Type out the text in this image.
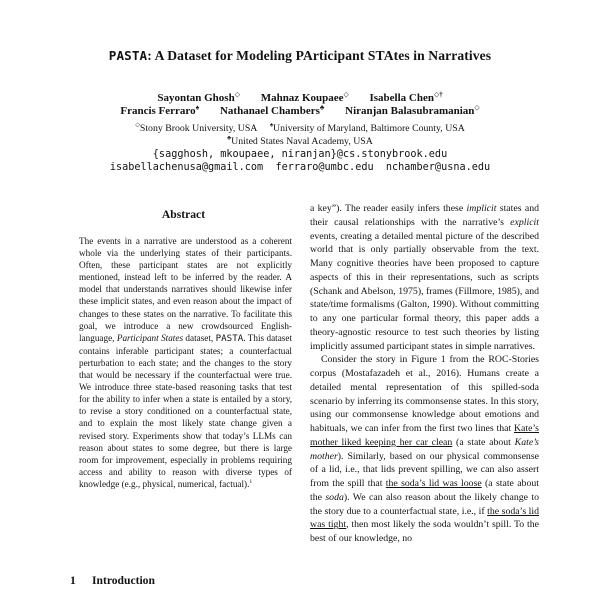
PASTA: A Dataset for Modeling PArticipant STAtes in Narratives
Sayontan Ghosh◇ Mahnaz Koupaee◇ Isabella Chen◇†
Francis Ferraro♠ Nathanael Chambers♣ Niranjan Balasubramanian◇
◇Stony Brook University, USA ♠University of Maryland, Baltimore County, USA
♣United States Naval Academy, USA
{sagghosh, mkoupaee, niranjan}@cs.stonybrook.edu
isabellachenusa@gmail.com  ferraro@umbc.edu  nchamber@usna.edu
Abstract
The events in a narrative are understood as a coherent whole via the underlying states of their participants. Often, these participant states are not explicitly mentioned, instead left to be inferred by the reader. A model that understands narratives should likewise infer these implicit states, and even reason about the impact of changes to these states on the narrative. To facilitate this goal, we introduce a new crowdsourced English-language, Participant States dataset, PASTA. This dataset contains inferable participant states; a counterfactual perturbation to each state; and the changes to the story that would be necessary if the counterfactual were true. We introduce three state-based reasoning tasks that test for the ability to infer when a state is entailed by a story, to revise a story conditioned on a counterfactual state, and to explain the most likely state change given a revised story. Experiments show that today’s LLMs can reason about states to some degree, but there is large room for improvement, especially in problems requiring access and ability to reason with diverse types of knowledge (e.g., physical, numerical, factual).$^1$
1 Introduction

a key”). The reader easily infers these implicit states and their causal relationships with the narrative’s explicit events, creating a detailed mental picture of the described world that is only partially observable from the text. Many cognitive theories have been proposed to capture aspects of this in their representations, such as scripts (Schank and Abelson, 1975), frames (Fillmore, 1985), and state/time formalisms (Galton, 1990). Without committing to any one particular formal theory, this paper adds a theory-agnostic resource to test such theories by listing implicitly assumed participant states in simple narratives.

Consider the story in Figure 1 from the ROC-Stories corpus (Mostafazadeh et al., 2016). Humans create a detailed mental representation of this spilled-soda scenario by inferring its commonsense states. In this story, using our commonsense knowledge about emotions and habituals, we can infer from the first two lines that Kate’s mother liked keeping her car clean (a state about Kate’s mother). Similarly, based on our physical commonsense of a lid, i.e., that lids prevent spilling, we can also assert from the spill that the soda’s lid was loose (a state about the soda). We can also reason about the likely change to the story due to a counterfactual state, i.e., if the soda’s lid was tight, then most likely the soda wouldn’t spill. To the best of our knowledge, no
